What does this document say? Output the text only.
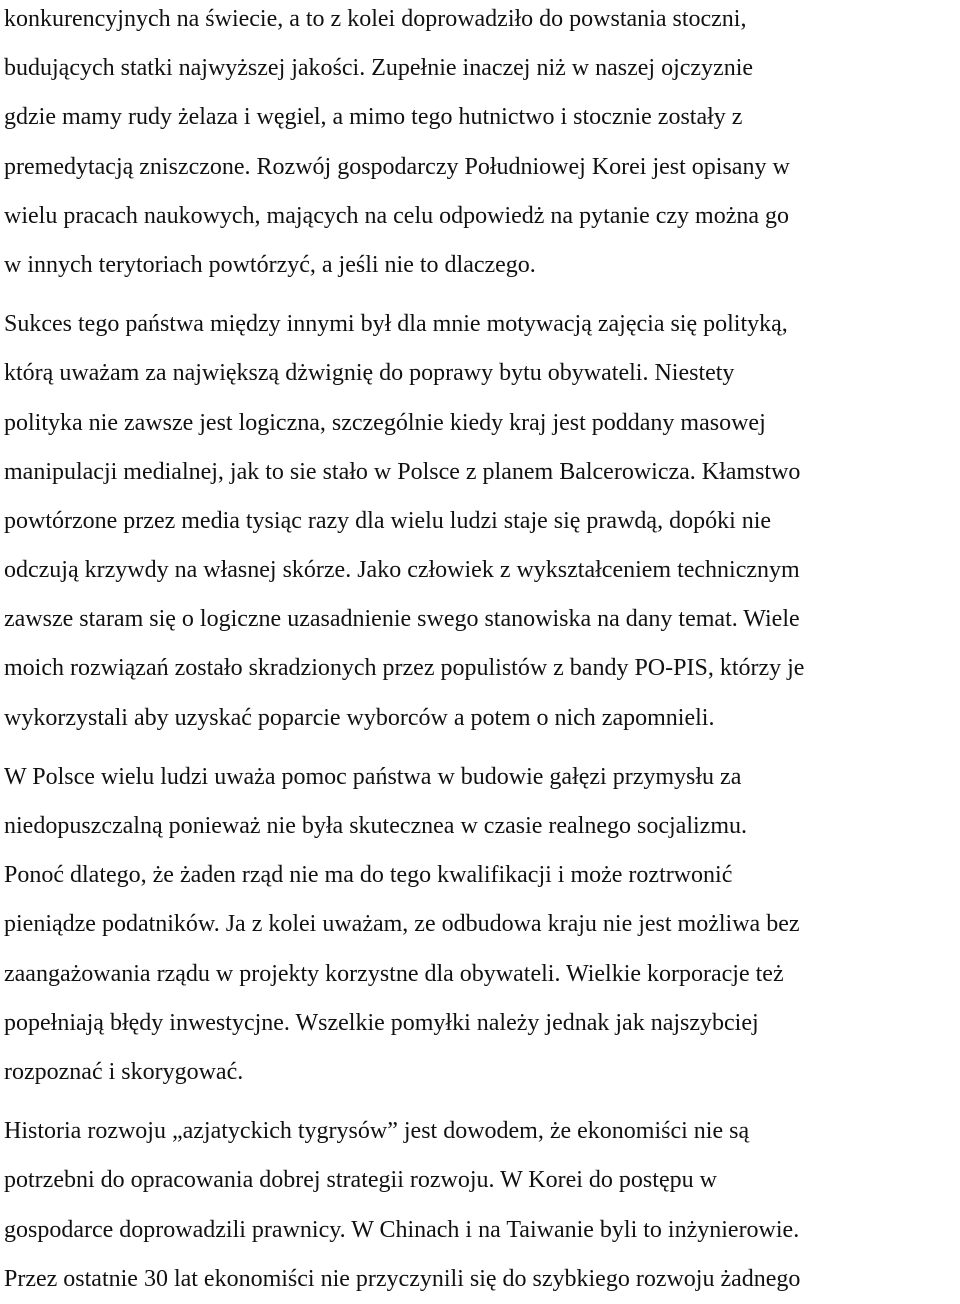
konkurencyjnych na świecie, a to z kolei doprowadziło do powstania stoczni,
budujących statki najwyższej jakości. Zupełnie inaczej niż w naszej ojczyznie
gdzie mamy rudy żelaza i węgiel, a mimo tego hutnictwo i stocznie zostały z
premedytacją zniszczone. Rozwój gospodarczy Południowej Korei jest opisany w
wielu pracach naukowych, mających na celu odpowiedż na pytanie czy można go
w innych terytoriach powtórzyć, a jeśli nie to dlaczego.
Sukces tego państwa między innymi był dla mnie motywacją zajęcia się polityką,
którą uważam za największą dżwignię do poprawy bytu obywateli. Niestety
polityka nie zawsze jest logiczna, szczególnie kiedy kraj jest poddany masowej
manipulacji medialnej, jak to sie stało w Polsce z planem Balcerowicza. Kłamstwo
powtórzone przez media tysiąc razy dla wielu ludzi staje się prawdą, dopóki nie
odczują krzywdy na własnej skórze. Jako człowiek z wykształceniem technicznym
zawsze staram się o logiczne uzasadnienie swego stanowiska na dany temat. Wiele
moich rozwiązań zostało skradzionych przez populistów z bandy PO-PIS, którzy je
wykorzystali aby uzyskać poparcie wyborców a potem o nich zapomnieli.
W Polsce wielu ludzi uważa pomoc państwa w budowie gałęzi przymysłu za
niedopuszczalną ponieważ nie była skutecznea w czasie realnego socjalizmu.
Ponoć dlatego, że żaden rząd nie ma do tego kwalifikacji i może roztrwonić
pieniądze podatników. Ja z kolei uważam, ze odbudowa kraju nie jest możliwa bez
zaangażowania rządu w projekty korzystne dla obywateli. Wielkie korporacje też
popełniają błędy inwestycjne. Wszelkie pomyłki należy jednak jak najszybciej
rozpoznać i skorygować.
Historia rozwoju „azjatyckich tygrysów” jest dowodem, że ekonomiści nie są
potrzebni do opracowania dobrej strategii rozwoju. W Korei do postępu w
gospodarce doprowadzili prawnicy. W Chinach i na Taiwanie byli to inżynierowie.
Przez ostatnie 30 lat ekonomiści nie przyczynili się do szybkiego rozwoju żadnego
